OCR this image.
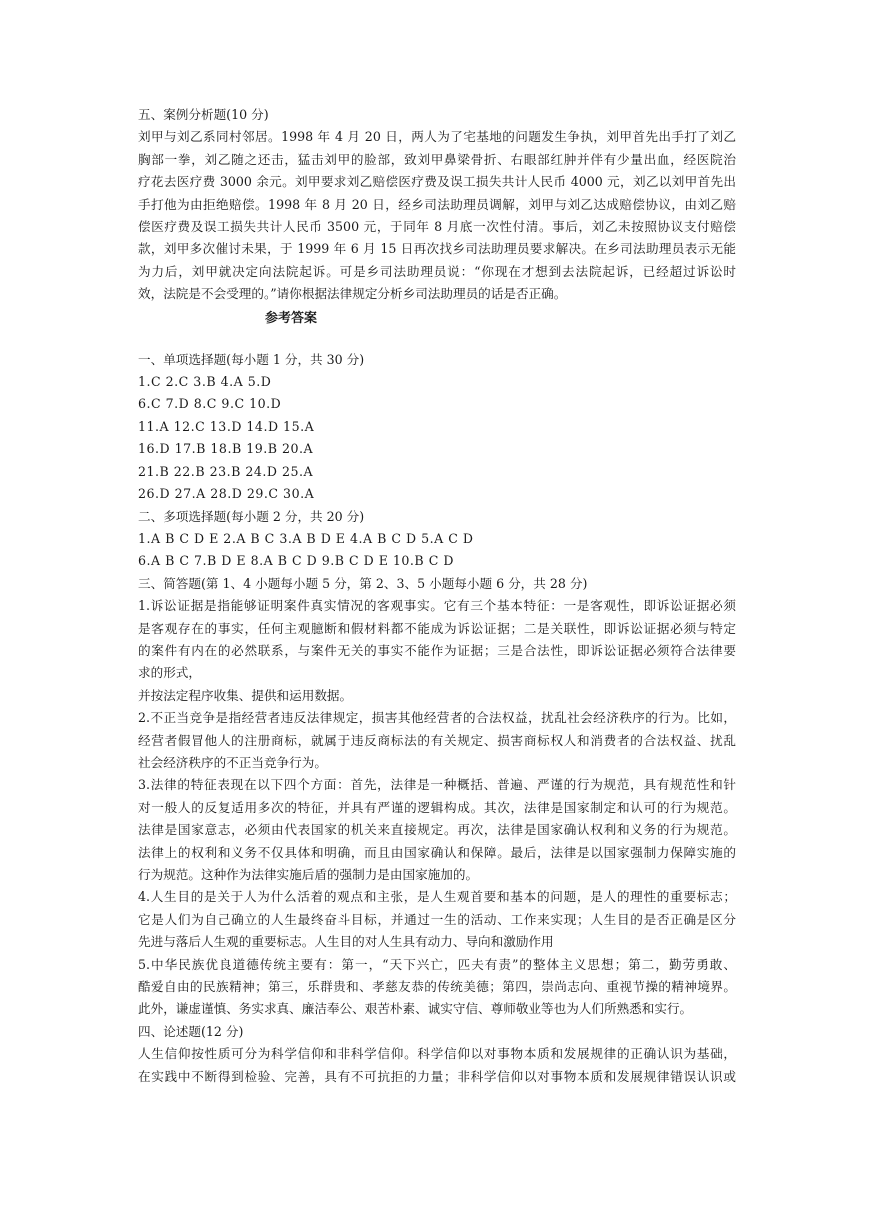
五、案例分析题(10 分)
刘甲与刘乙系同村邻居。1998 年 4 月 20 日，两人为了宅基地的问题发生争执，刘甲首先出手打了刘乙
胸部一拳，刘乙随之还击，猛击刘甲的脸部，致刘甲鼻梁骨折、右眼部红肿并伴有少量出血，经医院治
疗花去医疗费 3000 余元。刘甲要求刘乙赔偿医疗费及误工损失共计人民币 4000 元，刘乙以刘甲首先出
手打他为由拒绝赔偿。1998 年 8 月 20 日，经乡司法助理员调解，刘甲与刘乙达成赔偿协议，由刘乙赔
偿医疗费及误工损失共计人民币 3500 元，于同年 8 月底一次性付清。事后，刘乙未按照协议支付赔偿
款，刘甲多次催讨未果，于 1999 年 6 月 15 日再次找乡司法助理员要求解决。在乡司法助理员表示无能
为力后，刘甲就决定向法院起诉。可是乡司法助理员说：“你现在才想到去法院起诉，已经超过诉讼时
效，法院是不会受理的。”请你根据法律规定分析乡司法助理员的话是否正确。
参考答案
一、单项选择题(每小题 1 分，共 30 分)
1.C 2.C 3.B 4.A 5.D
6.C 7.D 8.C 9.C 10.D
11.A 12.C 13.D 14.D 15.A
16.D 17.B 18.B 19.B 20.A
21.B 22.B 23.B 24.D 25.A
26.D 27.A 28.D 29.C 30.A
二、多项选择题(每小题 2 分，共 20 分)
1.A B C D E 2.A B C 3.A B D E 4.A B C D 5.A C D
6.A B C 7.B D E 8.A B C D 9.B C D E 10.B C D
三、简答题(第 1、4 小题每小题 5 分，第 2、3、5 小题每小题 6 分，共 28 分)
1.诉讼证据是指能够证明案件真实情况的客观事实。它有三个基本特征：一是客观性，即诉讼证据必须
是客观存在的事实，任何主观臆断和假材料都不能成为诉讼证据；二是关联性，即诉讼证据必须与特定
的案件有内在的必然联系，与案件无关的事实不能作为证据；三是合法性，即诉讼证据必须符合法律要
求的形式，
并按法定程序收集、提供和运用数据。
2.不正当竞争是指经营者违反法律规定，损害其他经营者的合法权益，扰乱社会经济秩序的行为。比如，
经营者假冒他人的注册商标，就属于违反商标法的有关规定、损害商标权人和消费者的合法权益、扰乱
社会经济秩序的不正当竞争行为。
3.法律的特征表现在以下四个方面：首先，法律是一种概括、普遍、严谨的行为规范，具有规范性和针
对一般人的反复适用多次的特征，并具有严谨的逻辑构成。其次，法律是国家制定和认可的行为规范。
法律是国家意志，必须由代表国家的机关来直接规定。再次，法律是国家确认权利和义务的行为规范。
法律上的权利和义务不仅具体和明确，而且由国家确认和保障。最后，法律是以国家强制力保障实施的
行为规范。这种作为法律实施后盾的强制力是由国家施加的。
4.人生目的是关于人为什么活着的观点和主张，是人生观首要和基本的问题，是人的理性的重要标志；
它是人们为自己确立的人生最终奋斗目标，并通过一生的活动、工作来实现；人生目的是否正确是区分
先进与落后人生观的重要标志。人生目的对人生具有动力、导向和激励作用
5.中华民族优良道德传统主要有：第一，“天下兴亡，匹夫有责”的整体主义思想；第二，勤劳勇敢、
酷爱自由的民族精神；第三，乐群贵和、孝慈友恭的传统美德；第四，崇尚志向、重视节操的精神境界。
此外，谦虚谨慎、务实求真、廉洁奉公、艰苦朴素、诚实守信、尊师敬业等也为人们所熟悉和实行。
四、论述题(12 分)
人生信仰按性质可分为科学信仰和非科学信仰。科学信仰以对事物本质和发展规律的正确认识为基础，
在实践中不断得到检验、完善，具有不可抗拒的力量；非科学信仰以对事物本质和发展规律错误认识或
